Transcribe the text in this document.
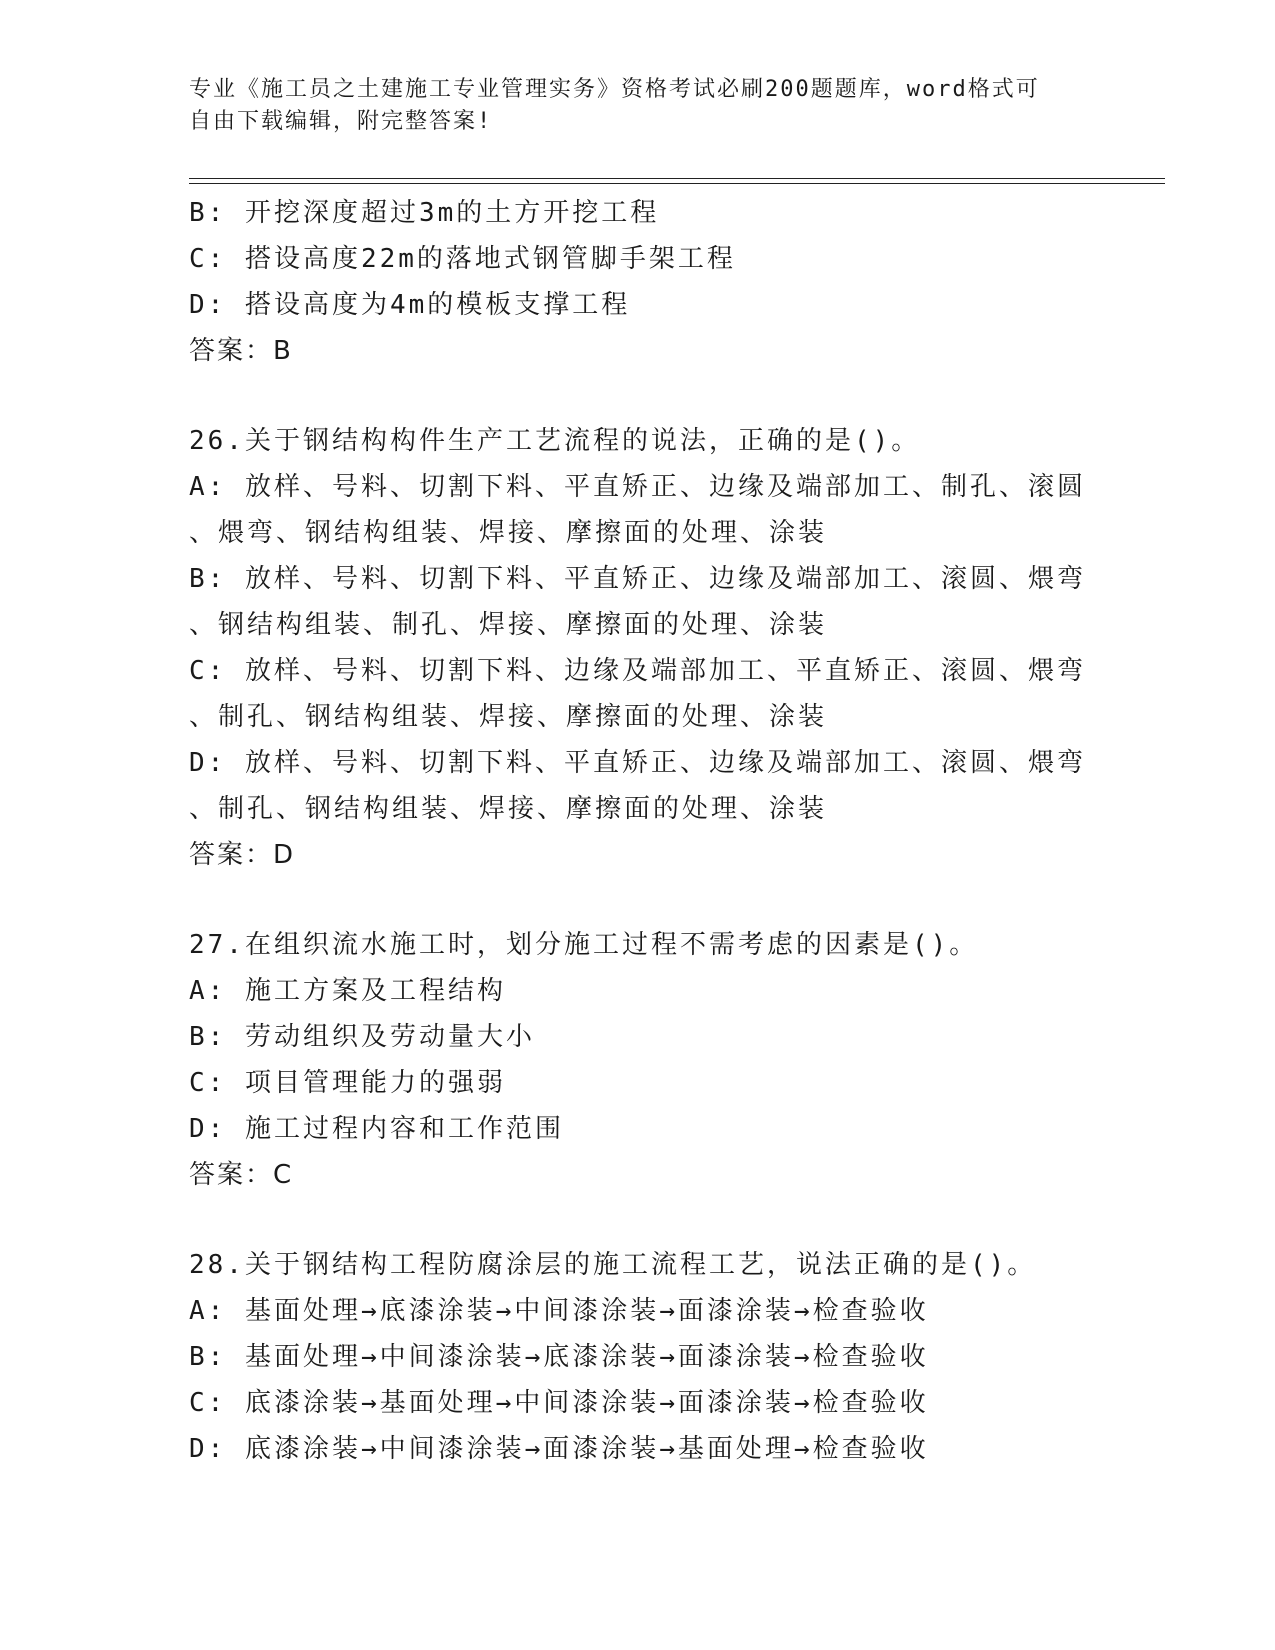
专业《施工员之土建施工专业管理实务》资格考试必刷200题题库，word格式可
自由下载编辑，附完整答案!
B: 开挖深度超过3m的土方开挖工程
C: 搭设高度22m的落地式钢管脚手架工程
D: 搭设高度为4m的模板支撑工程
答案：B
26.关于钢结构构件生产工艺流程的说法，正确的是()。
A: 放样、号料、切割下料、平直矫正、边缘及端部加工、制孔、滚圆
、煨弯、钢结构组装、焊接、摩擦面的处理、涂装
B: 放样、号料、切割下料、平直矫正、边缘及端部加工、滚圆、煨弯
、钢结构组装、制孔、焊接、摩擦面的处理、涂装
C: 放样、号料、切割下料、边缘及端部加工、平直矫正、滚圆、煨弯
、制孔、钢结构组装、焊接、摩擦面的处理、涂装
D: 放样、号料、切割下料、平直矫正、边缘及端部加工、滚圆、煨弯
、制孔、钢结构组装、焊接、摩擦面的处理、涂装
答案：D
27.在组织流水施工时，划分施工过程不需考虑的因素是()。
A: 施工方案及工程结构
B: 劳动组织及劳动量大小
C: 项目管理能力的强弱
D: 施工过程内容和工作范围
答案：C
28.关于钢结构工程防腐涂层的施工流程工艺，说法正确的是()。
A: 基面处理→底漆涂装→中间漆涂装→面漆涂装→检查验收
B: 基面处理→中间漆涂装→底漆涂装→面漆涂装→检查验收
C: 底漆涂装→基面处理→中间漆涂装→面漆涂装→检查验收
D: 底漆涂装→中间漆涂装→面漆涂装→基面处理→检查验收
